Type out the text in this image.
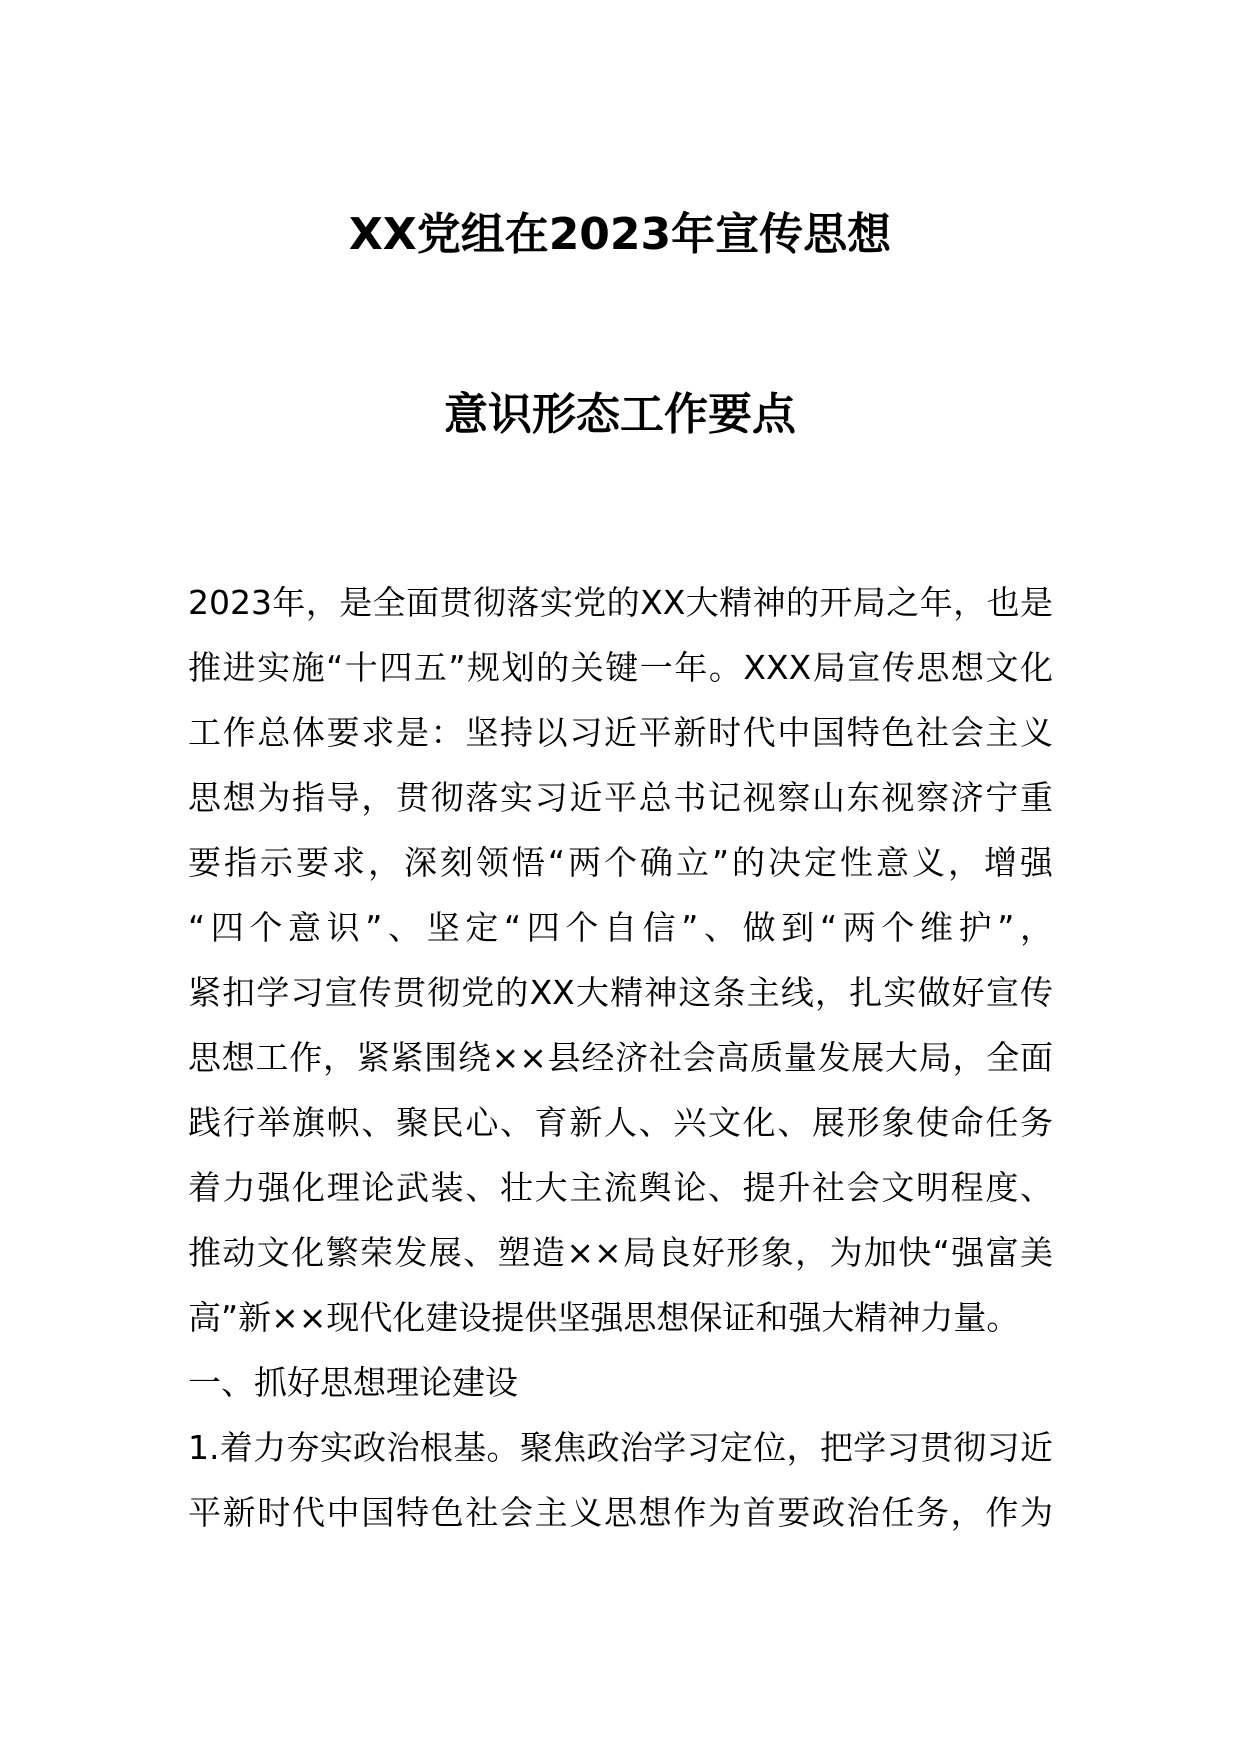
XX党组在2023年宣传思想
意识形态工作要点
2023年，是全面贯彻落实党的XX大精神的开局之年，也是
推进实施“十四五”规划的关键一年。XXX局宣传思想文化
工作总体要求是：坚持以习近平新时代中国特色社会主义
思想为指导，贯彻落实习近平总书记视察山东视察济宁重
要指示要求，深刻领悟“两个确立”的决定性意义，增强
“四个意识”、坚定“四个自信”、做到“两个维护”，
紧扣学习宣传贯彻党的XX大精神这条主线，扎实做好宣传
思想工作，紧紧围绕××县经济社会高质量发展大局，全面
践行举旗帜、聚民心、育新人、兴文化、展形象使命任务
着力强化理论武装、壮大主流舆论、提升社会文明程度、
推动文化繁荣发展、塑造××局良好形象，为加快“强富美
高”新××现代化建设提供坚强思想保证和强大精神力量。
一、抓好思想理论建设
1.着力夯实政治根基。聚焦政治学习定位，把学习贯彻习近
平新时代中国特色社会主义思想作为首要政治任务，作为
